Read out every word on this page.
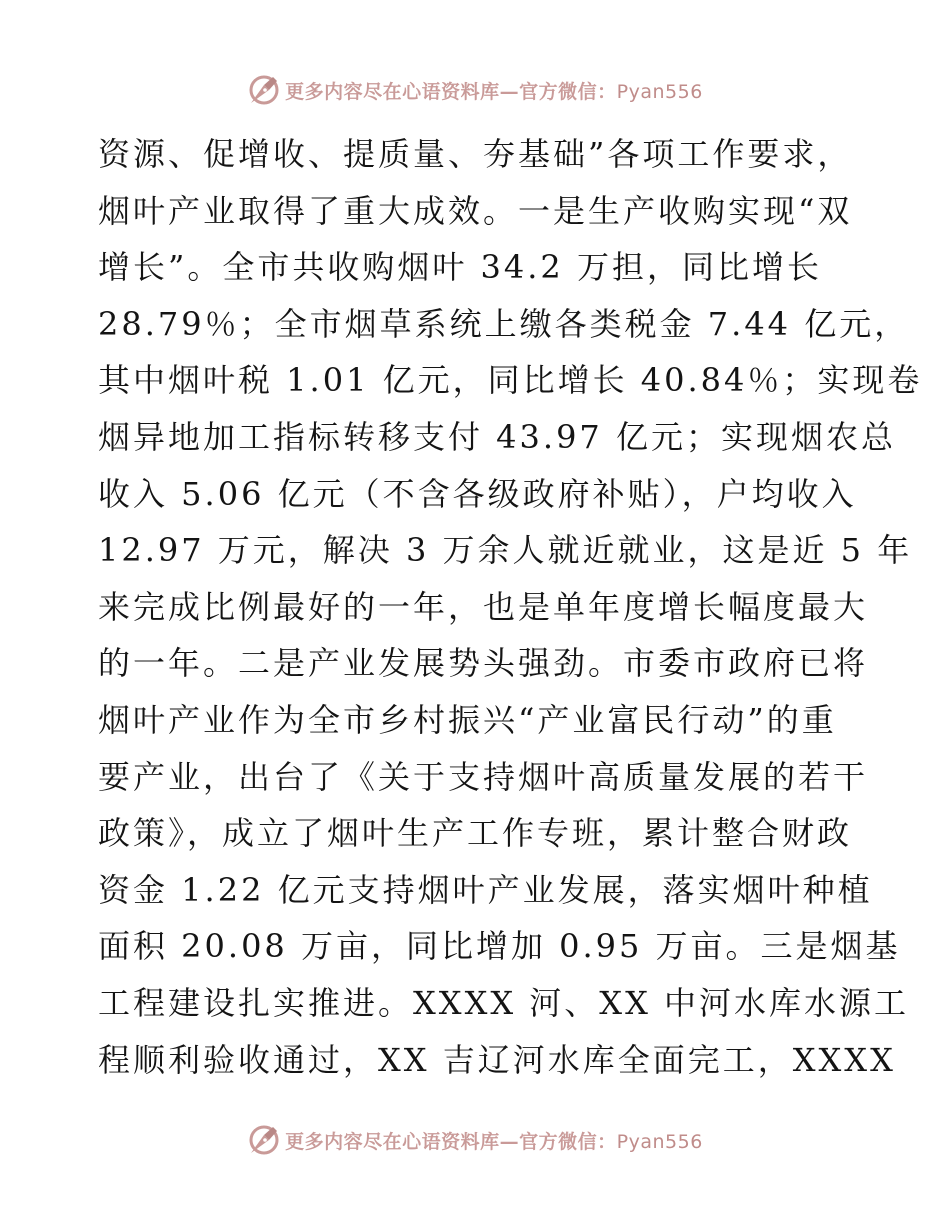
更多内容尽在心语资料库—官方微信：Pyan556
资源、促增收、提质量、夯基础”各项工作要求，
烟叶产业取得了重大成效。一是生产收购实现“双
增长”。全市共收购烟叶 34.2 万担，同比增长
28.79％；全市烟草系统上缴各类税金 7.44 亿元，
其中烟叶税 1.01 亿元，同比增长 40.84％；实现卷
烟异地加工指标转移支付 43.97 亿元；实现烟农总
收入 5.06 亿元（不含各级政府补贴），户均收入
12.97 万元，解决 3 万余人就近就业，这是近 5 年
来完成比例最好的一年，也是单年度增长幅度最大
的一年。二是产业发展势头强劲。市委市政府已将
烟叶产业作为全市乡村振兴“产业富民行动”的重
要产业，出台了《关于支持烟叶高质量发展的若干
政策》，成立了烟叶生产工作专班，累计整合财政
资金 1.22 亿元支持烟叶产业发展，落实烟叶种植
面积 20.08 万亩，同比增加 0.95 万亩。三是烟基
工程建设扎实推进。XXXX 河、XX 中河水库水源工
程顺利验收通过，XX 吉辽河水库全面完工，XXXX
更多内容尽在心语资料库—官方微信：Pyan556
